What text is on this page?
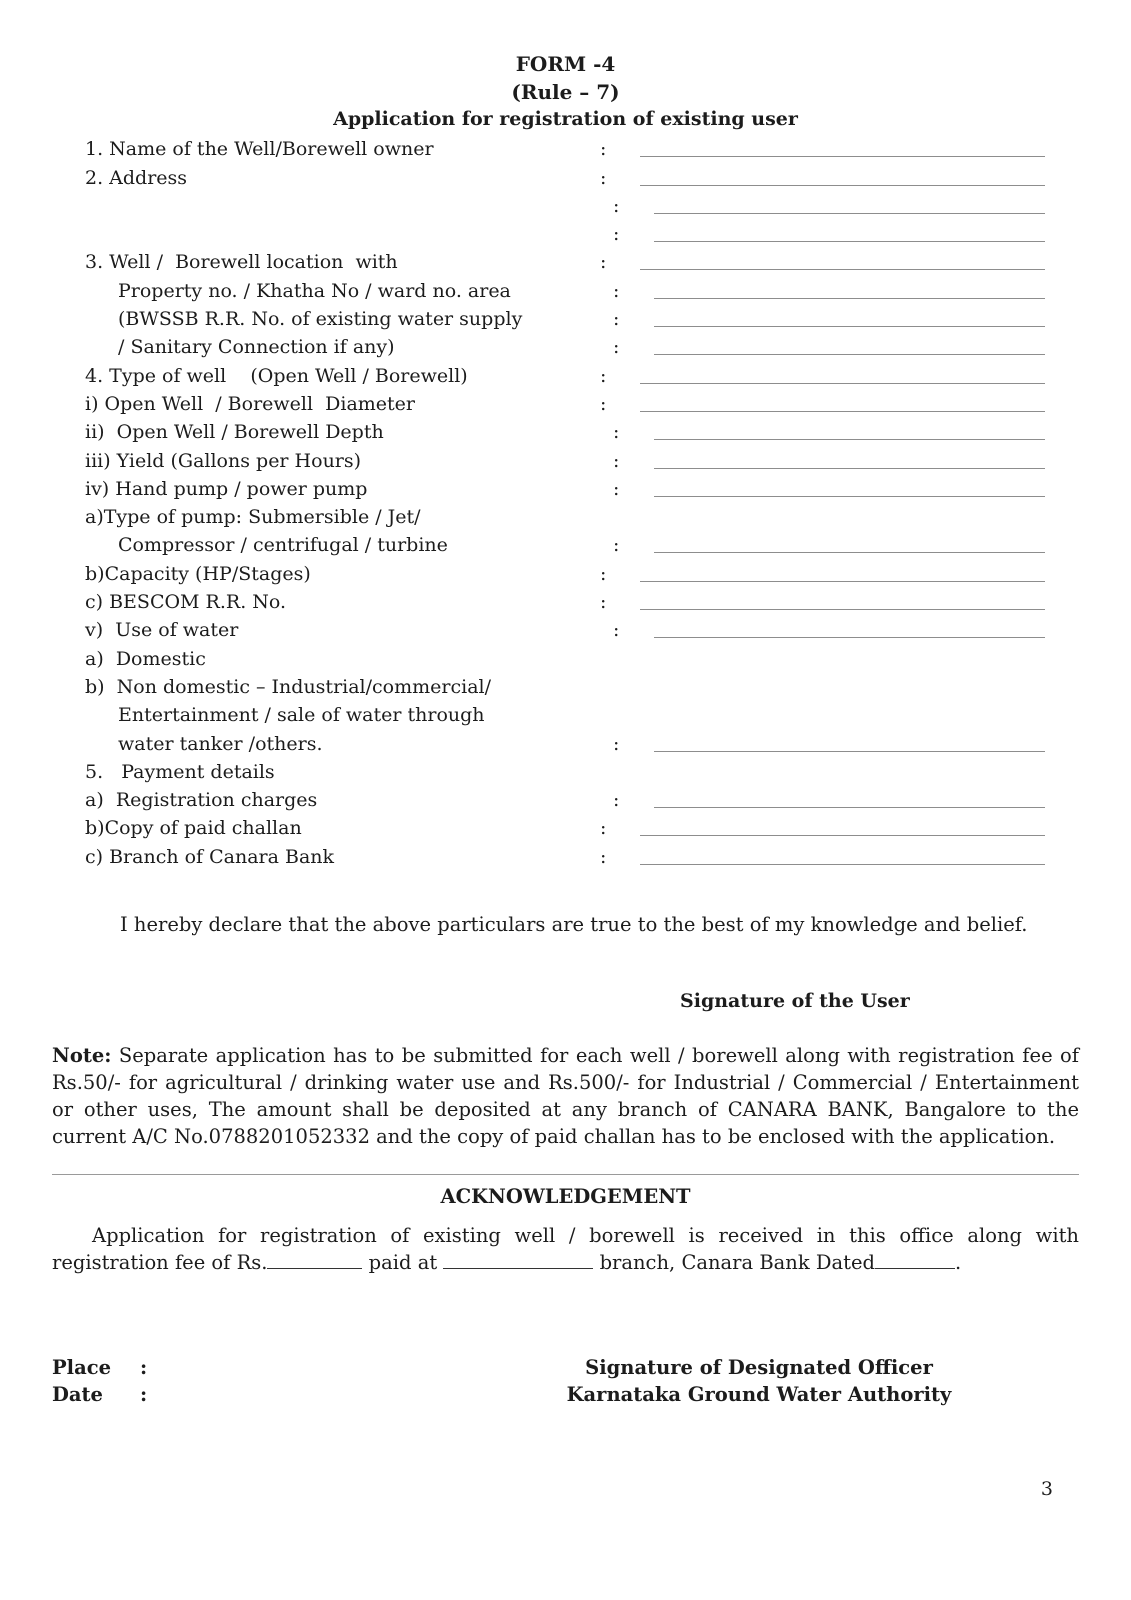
FORM -4
(Rule – 7)
Application for registration of existing user
1. Name of the Well/Borewell owner	:
2. Address	:
:
:
3. Well /  Borewell location  with	:
Property no. / Khatha No / ward no. area	:
(BWSSB R.R. No. of existing water supply	:
/ Sanitary Connection if any)	:
4. Type of well    (Open Well / Borewell)	:
i) Open Well  / Borewell  Diameter	:
ii)  Open Well / Borewell Depth	:
iii) Yield (Gallons per Hours)	:
iv) Hand pump / power pump	:
a)Type of pump: Submersible / Jet/
Compressor / centrifugal / turbine	:
b)Capacity (HP/Stages)	:
c) BESCOM R.R. No.	:
v)  Use of water	:
a)  Domestic
b)  Non domestic – Industrial/commercial/
Entertainment / sale of water through
water tanker /others.	:
5.   Payment details
a)  Registration charges	:
b)Copy of paid challan	:
c) Branch of Canara Bank	:
I hereby declare that the above particulars are true to the best of my knowledge and belief.
Signature of the User

Note: Separate application has to be submitted for each well / borewell along with registration fee of Rs.50/- for agricultural / drinking water use and Rs.500/- for Industrial / Commercial / Entertainment or other uses, The amount shall be deposited at any branch of CANARA BANK, Bangalore to the current A/C No.0788201052332 and the copy of paid challan has to be enclosed with the application.

ACKNOWLEDGEMENT

Application for registration of existing well / borewell is received in this office along with registration fee of Rs.	paid at	branch, Canara Bank Dated	.

Place	:
Date	:
Signature of Designated Officer
Karnataka Ground Water Authority
3
